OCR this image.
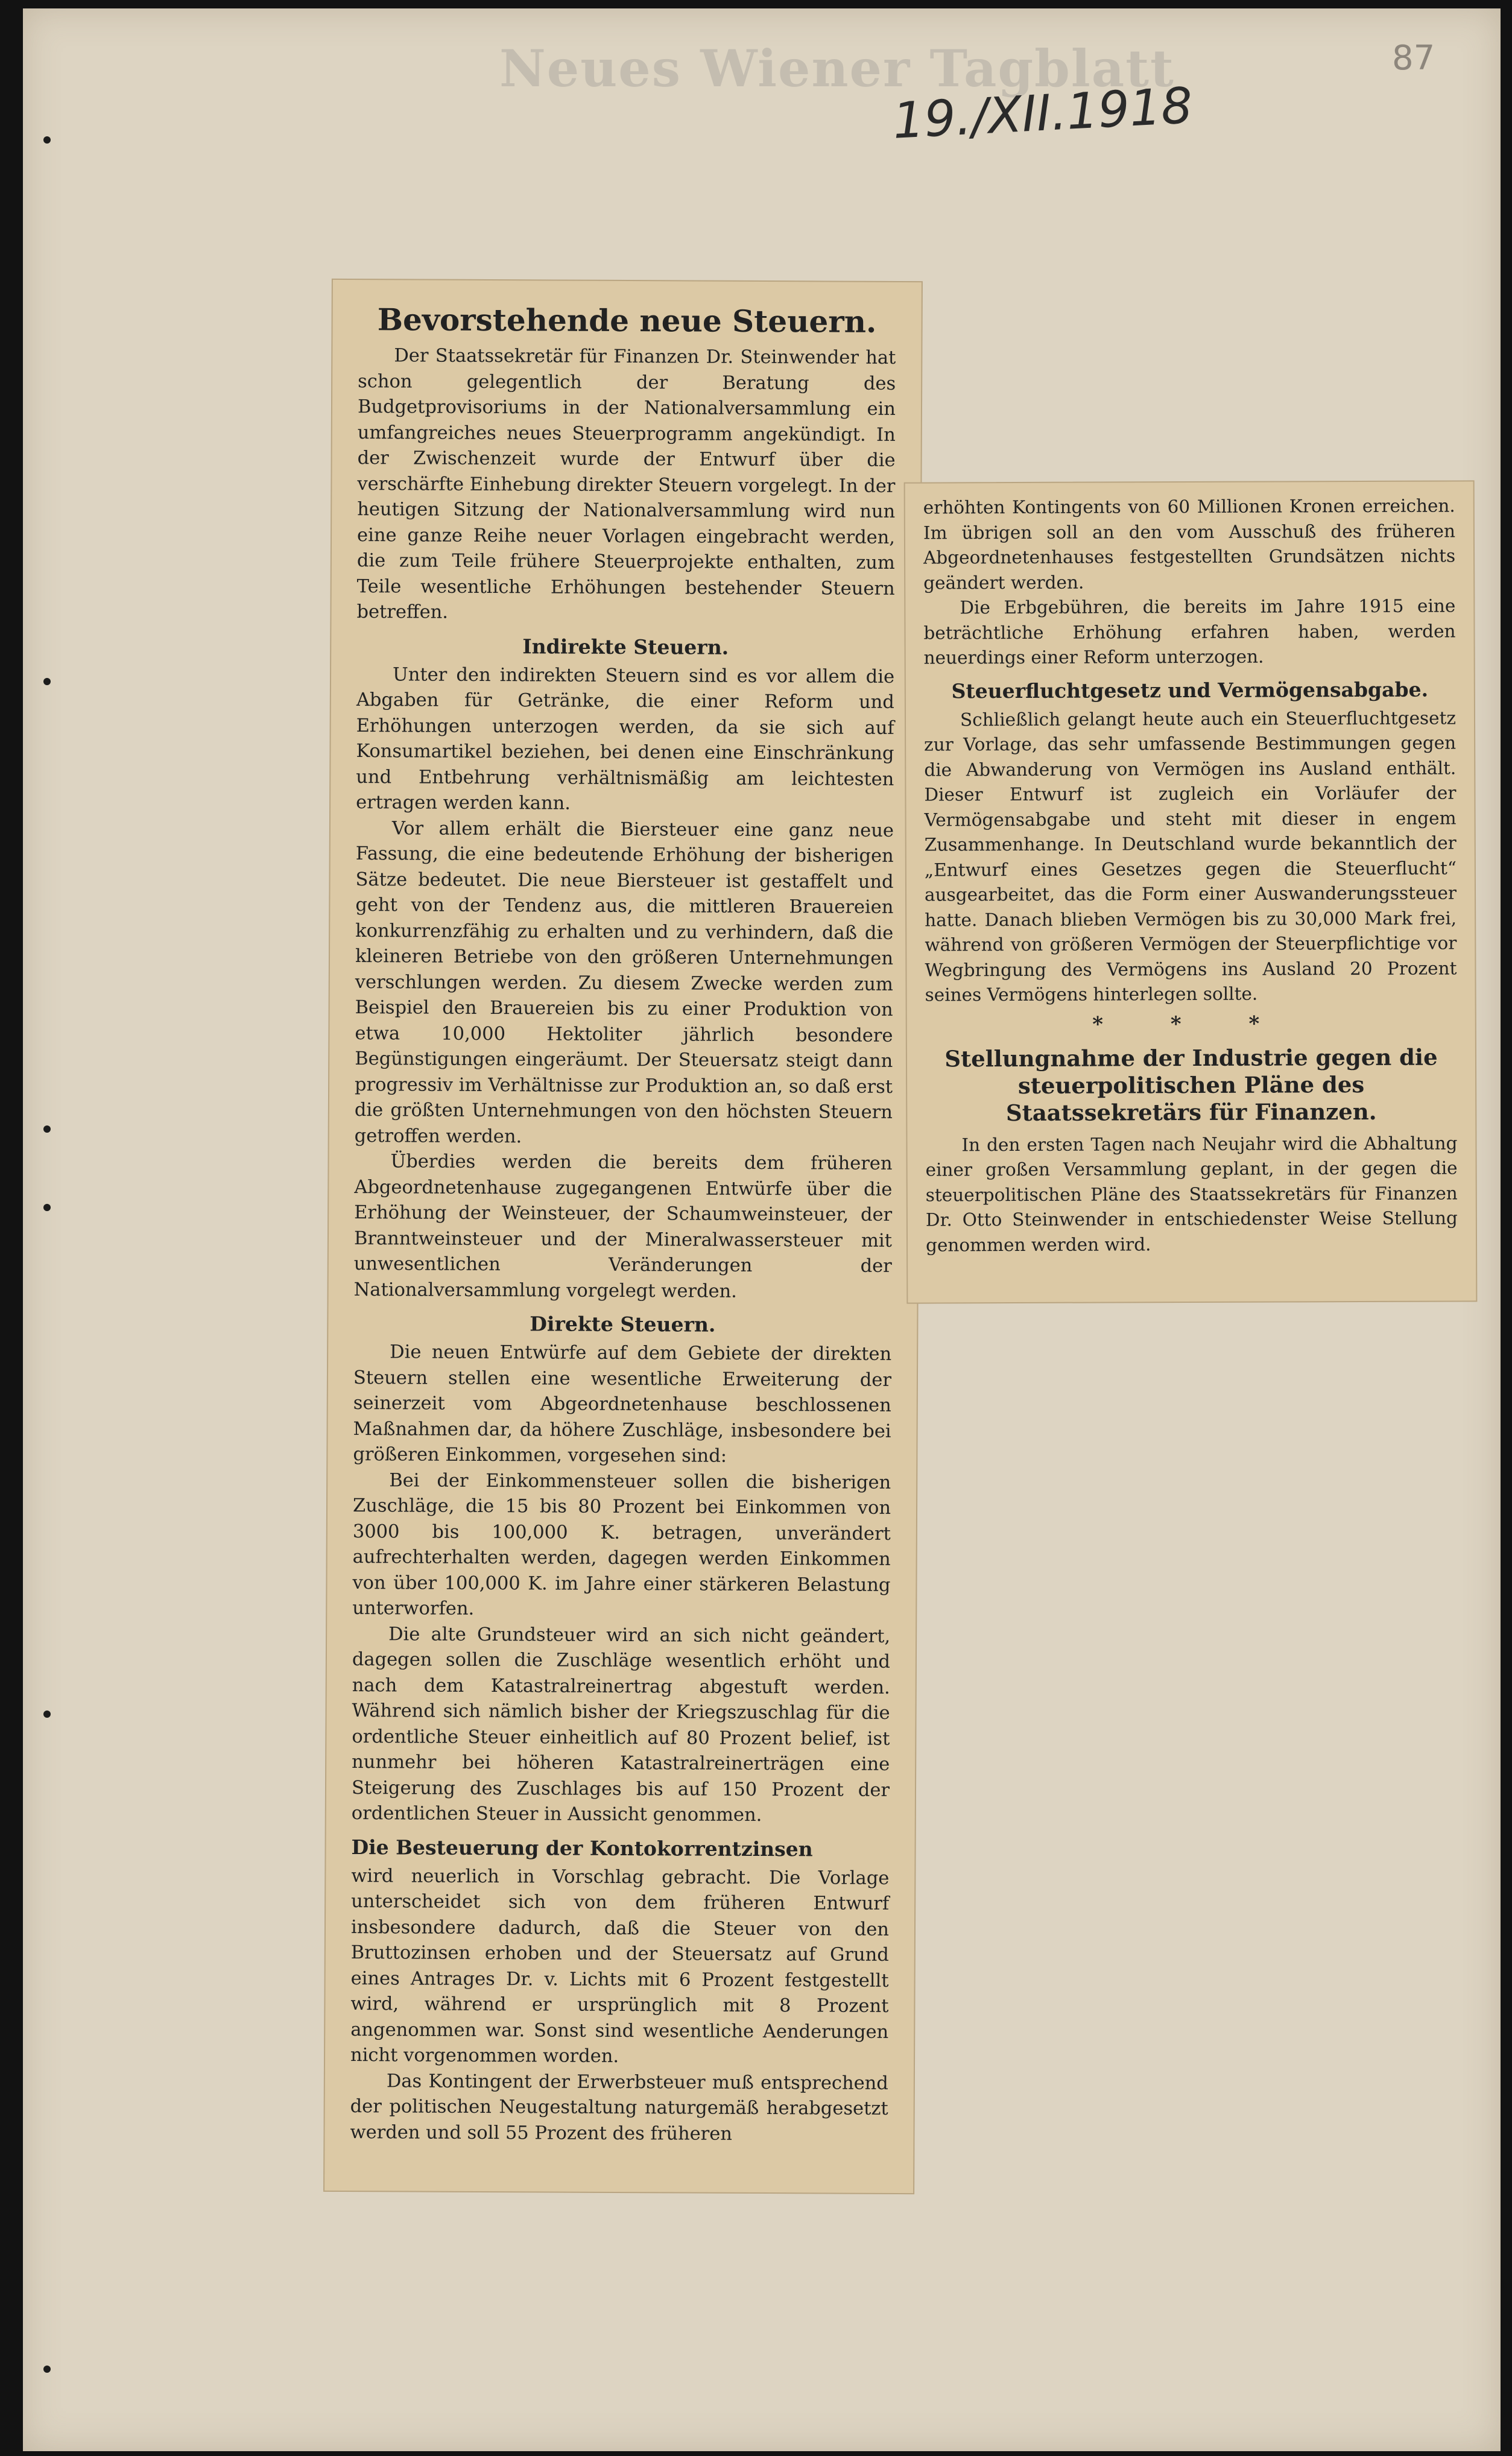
Neues Wiener Tagblatt	87
19./XII.1918
Bevorstehende neue Steuern.

Der Staatssekretär für Finanzen Dr. Steinwender hat schon gelegentlich der Beratung des Budgetprovisoriums in der Nationalversammlung ein umfangreiches neues Steuerprogramm angekündigt. In der Zwischenzeit wurde der Entwurf über die verschärfte Einhebung direkter Steuern vorgelegt. In der heutigen Sitzung der Nationalversammlung wird nun eine ganze Reihe neuer Vorlagen eingebracht werden, die zum Teile frühere Steuerprojekte enthalten, zum Teile wesentliche Erhöhungen bestehender Steuern betreffen.

Indirekte Steuern.

Unter den indirekten Steuern sind es vor allem die Abgaben für Getränke, die einer Reform und Erhöhungen unterzogen werden, da sie sich auf Konsumartikel beziehen, bei denen eine Einschränkung und Entbehrung verhältnismäßig am leichtesten ertragen werden kann.

Vor allem erhält die Biersteuer eine ganz neue Fassung, die eine bedeutende Erhöhung der bisherigen Sätze bedeutet. Die neue Biersteuer ist gestaffelt und geht von der Tendenz aus, die mittleren Brauereien konkurrenzfähig zu erhalten und zu verhindern, daß die kleineren Betriebe von den größeren Unternehmungen verschlungen werden. Zu diesem Zwecke werden zum Beispiel den Brauereien bis zu einer Produktion von etwa 10,000 Hektoliter jährlich besondere Begünstigungen eingeräumt. Der Steuersatz steigt dann progressiv im Verhältnisse zur Produktion an, so daß erst die größten Unternehmungen von den höchsten Steuern getroffen werden.

Überdies werden die bereits dem früheren Abgeordnetenhause zugegangenen Entwürfe über die Erhöhung der Weinsteuer, der Schaumweinsteuer, der Branntweinsteuer und der Mineralwassersteuer mit unwesentlichen Veränderungen der Nationalversammlung vorgelegt werden.

Direkte Steuern.

Die neuen Entwürfe auf dem Gebiete der direkten Steuern stellen eine wesentliche Erweiterung der seinerzeit vom Abgeordnetenhause beschlossenen Maßnahmen dar, da höhere Zuschläge, insbesondere bei größeren Einkommen, vorgesehen sind:

Bei der Einkommensteuer sollen die bisherigen Zuschläge, die 15 bis 80 Prozent bei Einkommen von 3000 bis 100,000 K. betragen, unverändert aufrechterhalten werden, dagegen werden Einkommen von über 100,000 K. im Jahre einer stärkeren Belastung unterworfen.

Die alte Grundsteuer wird an sich nicht geändert, dagegen sollen die Zuschläge wesentlich erhöht und nach dem Katastralreinertrag abgestuft werden. Während sich nämlich bisher der Kriegszuschlag für die ordentliche Steuer einheitlich auf 80 Prozent belief, ist nunmehr bei höheren Katastralreinerträgen eine Steigerung des Zuschlages bis auf 150 Prozent der ordentlichen Steuer in Aussicht genommen.

Die Besteuerung der Kontokorrentzinsen

wird neuerlich in Vorschlag gebracht. Die Vorlage unterscheidet sich von dem früheren Entwurf insbesondere dadurch, daß die Steuer von den Bruttozinsen erhoben und der Steuersatz auf Grund eines Antrages Dr. v. Lichts mit 6 Prozent festgestellt wird, während er ursprünglich mit 8 Prozent angenommen war. Sonst sind wesentliche Aenderungen nicht vorgenommen worden.

Das Kontingent der Erwerbsteuer muß entsprechend der politischen Neugestaltung naturgemäß herabgesetzt werden und soll 55 Prozent des früheren

erhöhten Kontingents von 60 Millionen Kronen erreichen. Im übrigen soll an den vom Ausschuß des früheren Abgeordnetenhauses festgestellten Grundsätzen nichts geändert werden.

Die Erbgebühren, die bereits im Jahre 1915 eine beträchtliche Erhöhung erfahren haben, werden neuerdings einer Reform unterzogen.

Steuerfluchtgesetz und Vermögensabgabe.

Schließlich gelangt heute auch ein Steuerfluchtgesetz zur Vorlage, das sehr umfassende Bestimmungen gegen die Abwanderung von Vermögen ins Ausland enthält. Dieser Entwurf ist zugleich ein Vorläufer der Vermögensabgabe und steht mit dieser in engem Zusammenhange. In Deutschland wurde bekanntlich der „Entwurf eines Gesetzes gegen die Steuerflucht“ ausgearbeitet, das die Form einer Auswanderungssteuer hatte. Danach blieben Vermögen bis zu 30,000 Mark frei, während von größeren Vermögen der Steuerpflichtige vor Wegbringung des Vermögens ins Ausland 20 Prozent seines Vermögens hinterlegen sollte.

* * *
Stellungnahme der Industrie gegen die steuerpolitischen Pläne des Staatssekretärs für Finanzen.

In den ersten Tagen nach Neujahr wird die Abhaltung einer großen Versammlung geplant, in der gegen die steuerpolitischen Pläne des Staatssekretärs für Finanzen Dr. Otto Steinwender in entschiedenster Weise Stellung genommen werden wird.
